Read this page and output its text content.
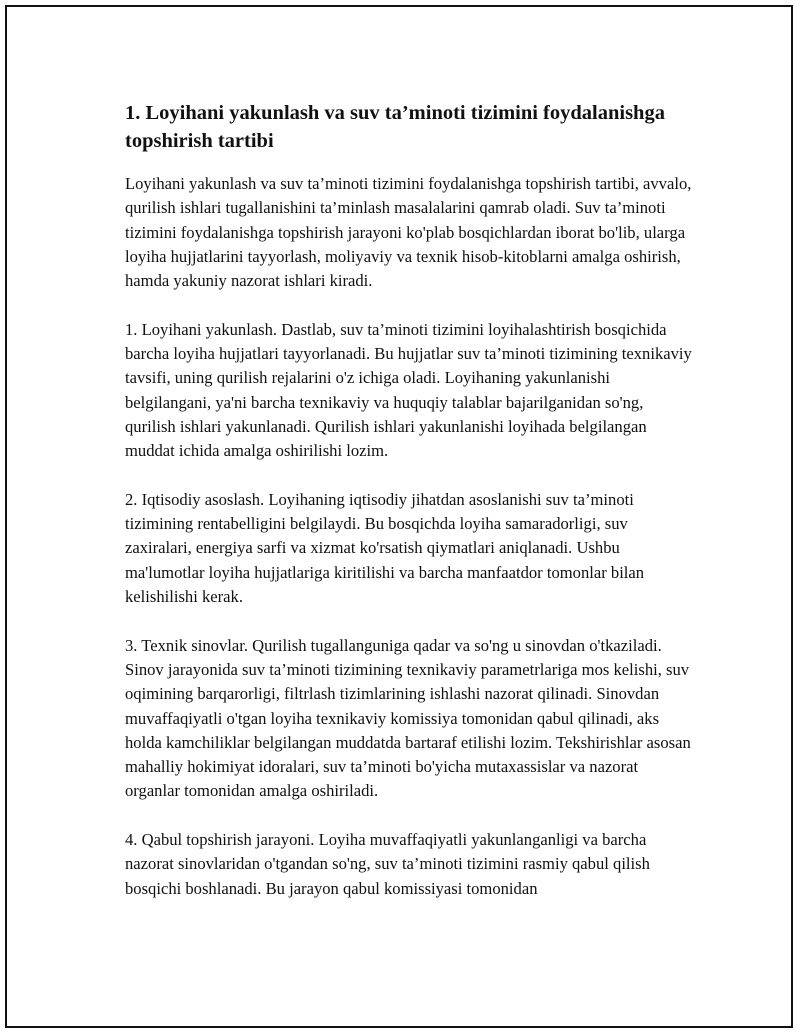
1. Loyihani yakunlash va suv ta’minoti tizimini foydalanishga topshirish tartibi

Loyihani yakunlash va suv ta’minoti tizimini foydalanishga topshirish tartibi, avvalo, qurilish ishlari tugallanishini ta’minlash masalalarini qamrab oladi. Suv ta’minoti tizimini foydalanishga topshirish jarayoni ko'plab bosqichlardan iborat bo'lib, ularga loyiha hujjatlarini tayyorlash, moliyaviy va texnik hisob-kitoblarni amalga oshirish, hamda yakuniy nazorat ishlari kiradi.

1. Loyihani yakunlash. Dastlab, suv ta’minoti tizimini loyihalashtirish bosqichida barcha loyiha hujjatlari tayyorlanadi. Bu hujjatlar suv ta’minoti tizimining texnikaviy tavsifi, uning qurilish rejalarini o'z ichiga oladi. Loyihaning yakunlanishi belgilangani, ya'ni barcha texnikaviy va huquqiy talablar bajarilganidan so'ng, qurilish ishlari yakunlanadi. Qurilish ishlari yakunlanishi loyihada belgilangan muddat ichida amalga oshirilishi lozim.

2. Iqtisodiy asoslash. Loyihaning iqtisodiy jihatdan asoslanishi suv ta’minoti tizimining rentabelligini belgilaydi. Bu bosqichda loyiha samaradorligi, suv zaxiralari, energiya sarfi va xizmat ko'rsatish qiymatlari aniqlanadi. Ushbu ma'lumotlar loyiha hujjatlariga kiritilishi va barcha manfaatdor tomonlar bilan kelishilishi kerak.

3. Texnik sinovlar. Qurilish tugallanguniga qadar va so'ng u sinovdan o'tkaziladi. Sinov jarayonida suv ta’minoti tizimining texnikaviy parametrlariga mos kelishi, suv oqimining barqarorligi, filtrlash tizimlarining ishlashi nazorat qilinadi. Sinovdan muvaffaqiyatli o'tgan loyiha texnikaviy komissiya tomonidan qabul qilinadi, aks holda kamchiliklar belgilangan muddatda bartaraf etilishi lozim. Tekshirishlar asosan mahalliy hokimiyat idoralari, suv ta’minoti bo'yicha mutaxassislar va nazorat organlar tomonidan amalga oshiriladi.

4. Qabul topshirish jarayoni. Loyiha muvaffaqiyatli yakunlanganligi va barcha nazorat sinovlaridan o'tgandan so'ng, suv ta’minoti tizimini rasmiy qabul qilish bosqichi boshlanadi. Bu jarayon qabul komissiyasi tomonidan
